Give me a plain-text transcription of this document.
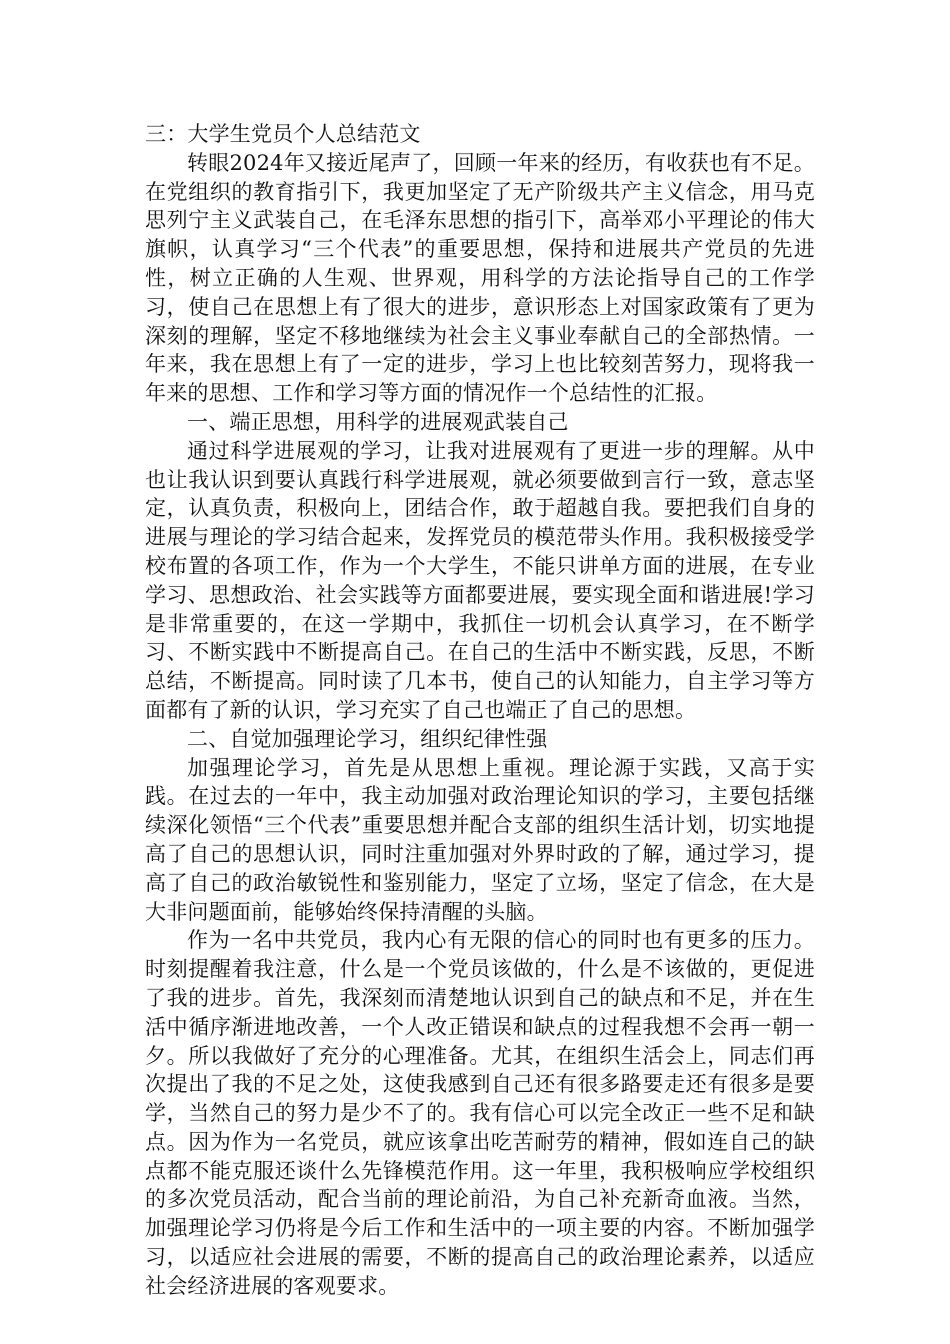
三：大学生党员个人总结范文

转眼2024年又接近尾声了，回顾一年来的经历，有收获也有不足。在党组织的教育指引下，我更加坚定了无产阶级共产主义信念，用马克思列宁主义武装自己，在毛泽东思想的指引下，高举邓小平理论的伟大旗帜，认真学习“三个代表”的重要思想，保持和进展共产党员的先进性，树立正确的人生观、世界观，用科学的方法论指导自己的工作学习，使自己在思想上有了很大的进步，意识形态上对国家政策有了更为深刻的理解，坚定不移地继续为社会主义事业奉献自己的全部热情。一年来，我在思想上有了一定的进步，学习上也比较刻苦努力，现将我一年来的思想、工作和学习等方面的情况作一个总结性的汇报。

一、端正思想，用科学的进展观武装自己

通过科学进展观的学习，让我对进展观有了更进一步的理解。从中也让我认识到要认真践行科学进展观，就必须要做到言行一致，意志坚定，认真负责，积极向上，团结合作，敢于超越自我。要把我们自身的进展与理论的学习结合起来，发挥党员的模范带头作用。我积极接受学校布置的各项工作，作为一个大学生，不能只讲单方面的进展，在专业学习、思想政治、社会实践等方面都要进展，要实现全面和谐进展!学习是非常重要的，在这一学期中，我抓住一切机会认真学习，在不断学习、不断实践中不断提高自己。在自己的生活中不断实践，反思，不断总结，不断提高。同时读了几本书，使自己的认知能力，自主学习等方面都有了新的认识，学习充实了自己也端正了自己的思想。

二、自觉加强理论学习，组织纪律性强

加强理论学习，首先是从思想上重视。理论源于实践，又高于实践。在过去的一年中，我主动加强对政治理论知识的学习，主要包括继续深化领悟“三个代表”重要思想并配合支部的组织生活计划，切实地提高了自己的思想认识，同时注重加强对外界时政的了解，通过学习，提高了自己的政治敏锐性和鉴别能力，坚定了立场，坚定了信念，在大是大非问题面前，能够始终保持清醒的头脑。

作为一名中共党员，我内心有无限的信心的同时也有更多的压力。时刻提醒着我注意，什么是一个党员该做的，什么是不该做的，更促进了我的进步。首先，我深刻而清楚地认识到自己的缺点和不足，并在生活中循序渐进地改善，一个人改正错误和缺点的过程我想不会再一朝一夕。所以我做好了充分的心理准备。尤其，在组织生活会上，同志们再次提出了我的不足之处，这使我感到自己还有很多路要走还有很多是要学，当然自己的努力是少不了的。我有信心可以完全改正一些不足和缺点。因为作为一名党员，就应该拿出吃苦耐劳的精神，假如连自己的缺点都不能克服还谈什么先锋模范作用。这一年里，我积极响应学校组织的多次党员活动，配合当前的理论前沿，为自己补充新奇血液。当然，加强理论学习仍将是今后工作和生活中的一项主要的内容。不断加强学习，以适应社会进展的需要，不断的提高自己的政治理论素养，以适应社会经济进展的客观要求。
